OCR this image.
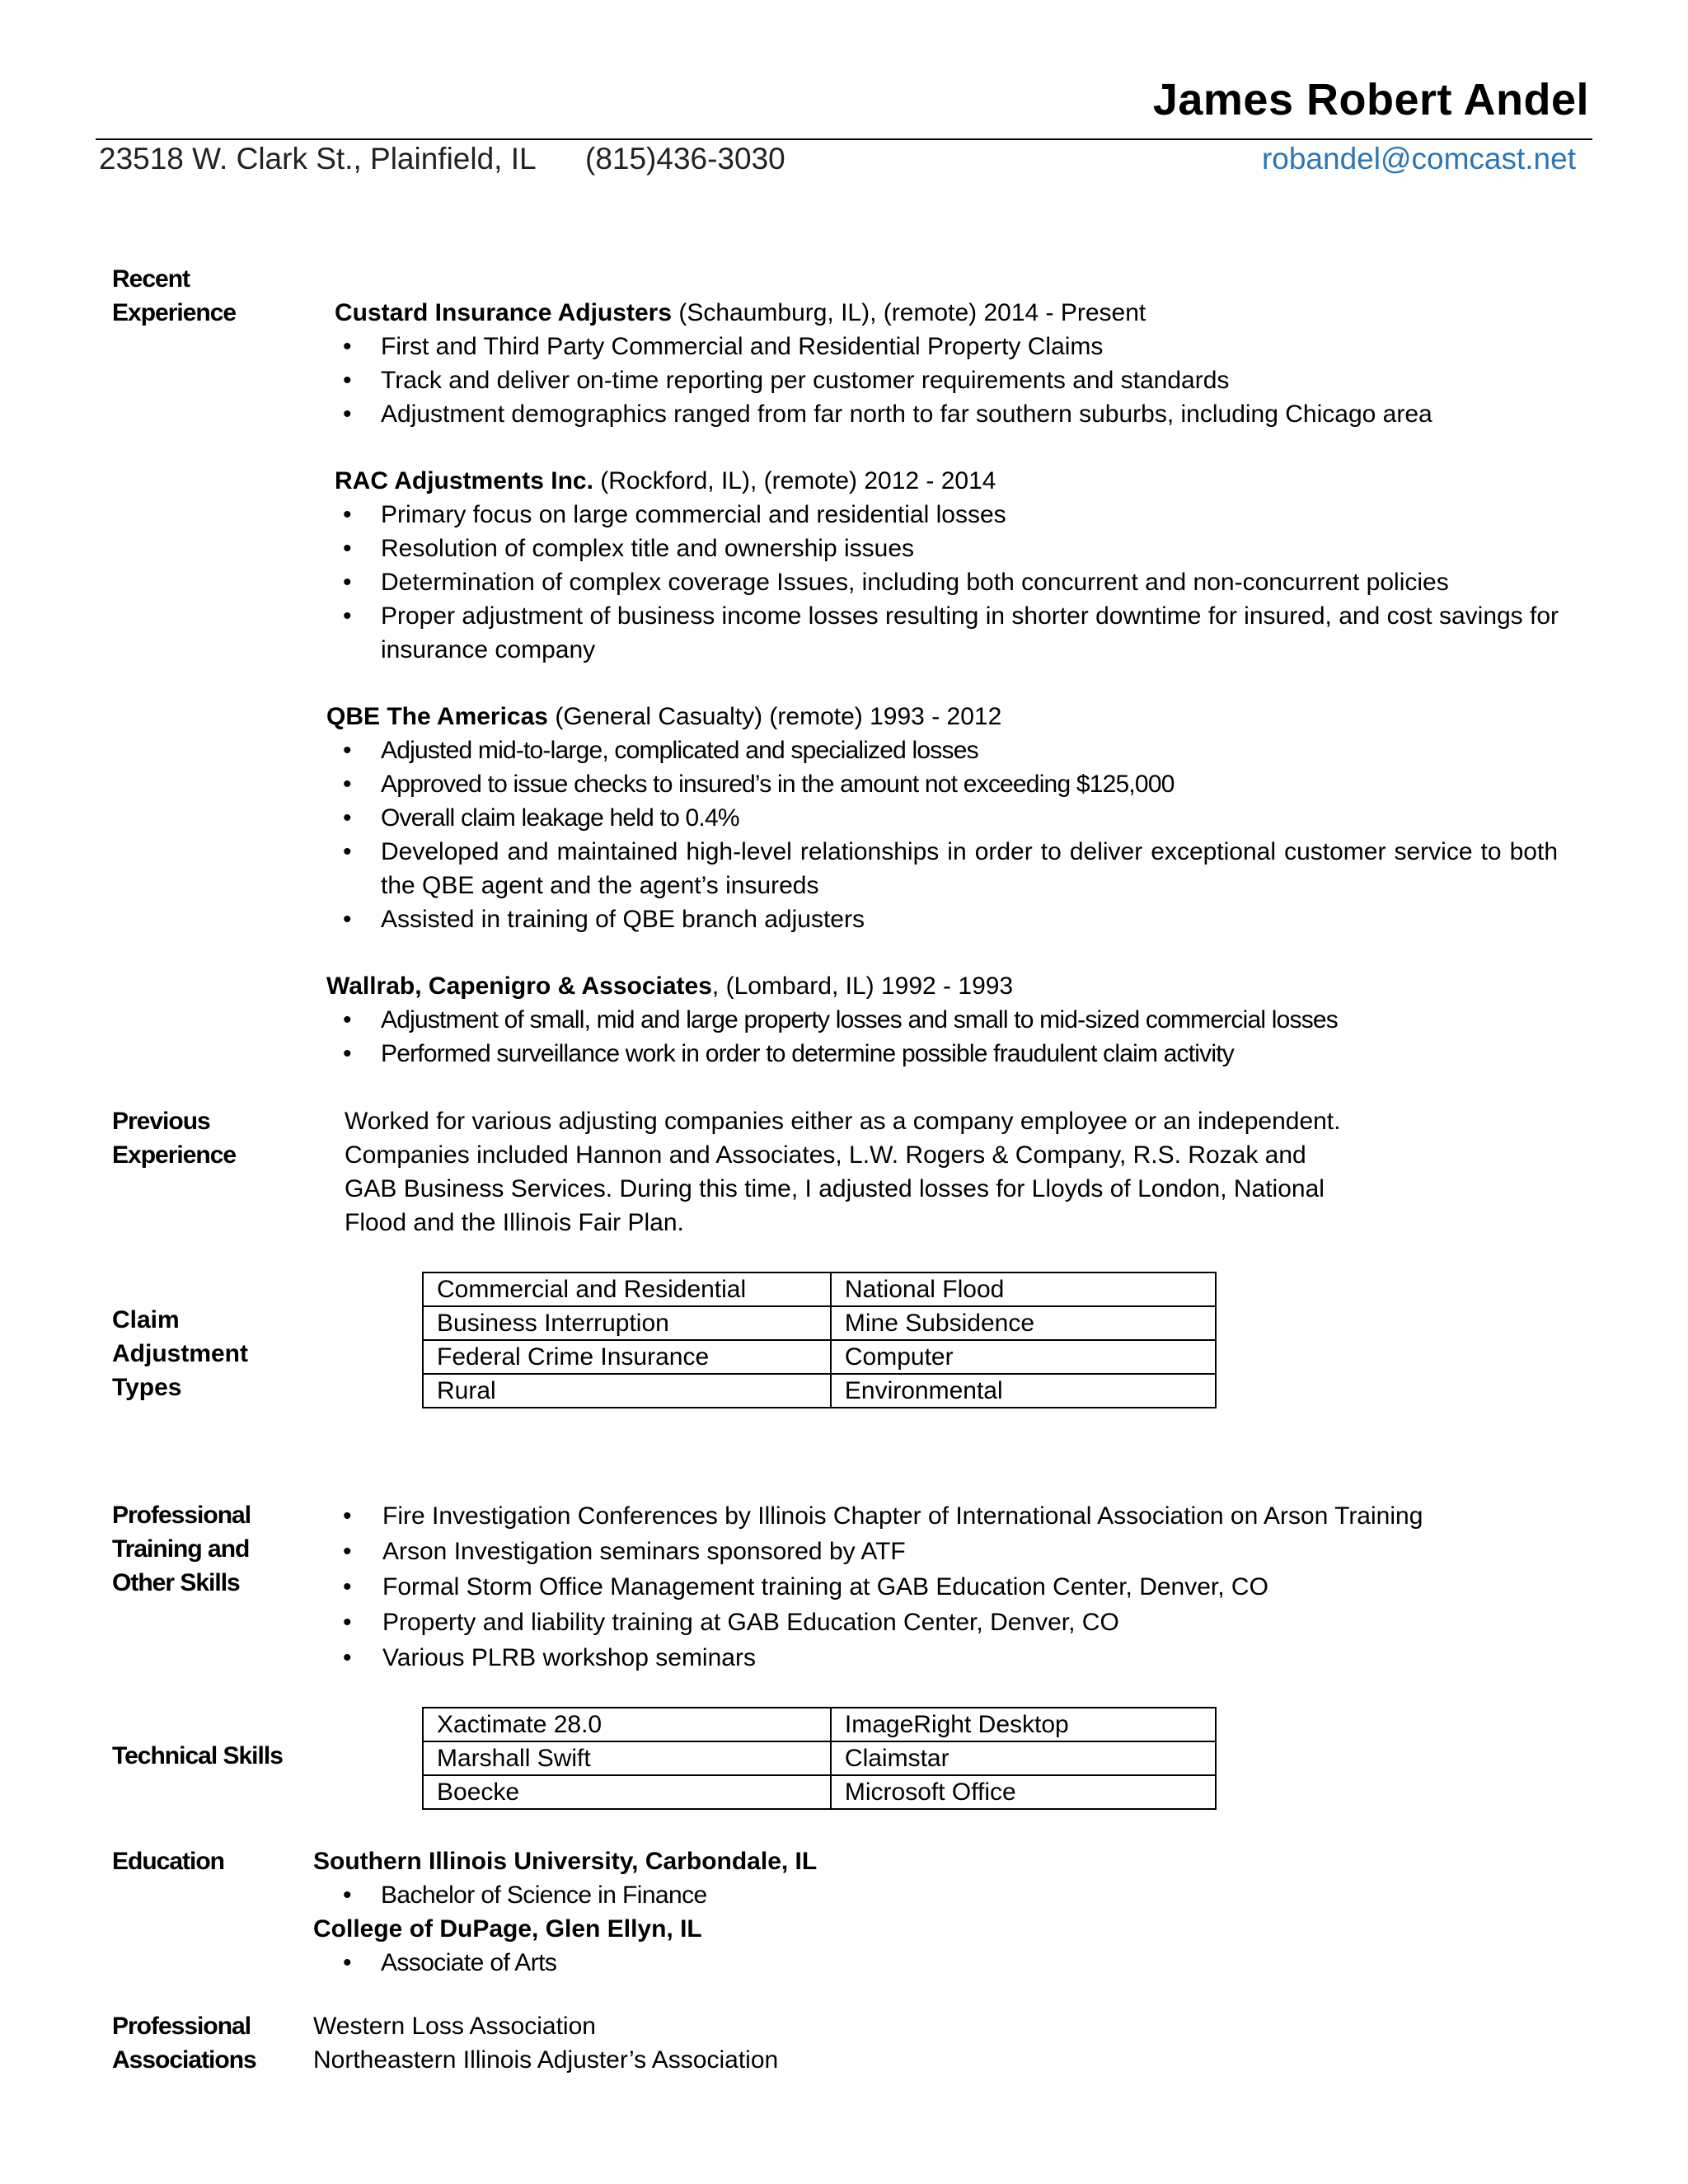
James Robert Andel
23518 W. Clark St., Plainfield, IL (815)436-3030	robandel@comcast.net
Recent
Experience	Custard Insurance Adjusters (Schaumburg, IL), (remote) 2014 - Present
• First and Third Party Commercial and Residential Property Claims
• Track and deliver on-time reporting per customer requirements and standards
• Adjustment demographics ranged from far north to far southern suburbs, including Chicago area
RAC Adjustments Inc. (Rockford, IL), (remote) 2012 - 2014
• Primary focus on large commercial and residential losses
• Resolution of complex title and ownership issues
• Determination of complex coverage Issues, including both concurrent and non-concurrent policies
• Proper adjustment of business income losses resulting in shorter downtime for insured, and cost savings for insurance company
QBE The Americas (General Casualty) (remote) 1993 - 2012
• Adjusted mid-to-large, complicated and specialized losses
• Approved to issue checks to insured’s in the amount not exceeding $125,000
• Overall claim leakage held to 0.4%
• Developed and maintained high-level relationships in order to deliver exceptional customer service to both the QBE agent and the agent’s insureds
• Assisted in training of QBE branch adjusters
Wallrab, Capenigro & Associates, (Lombard, IL) 1992 - 1993
• Adjustment of small, mid and large property losses and small to mid-sized commercial losses
• Performed surveillance work in order to determine possible fraudulent claim activity
Previous
Experience
Worked for various adjusting companies either as a company employee or an independent.
Companies included Hannon and Associates, L.W. Rogers & Company, R.S. Rozak and
GAB Business Services. During this time, I adjusted losses for Lloyds of London, National
Flood and the Illinois Fair Plan.
Claim
Adjustment
Types
Commercial and Residential	National Flood
Business Interruption	Mine Subsidence
Federal Crime Insurance	Computer
Rural	Environmental
Professional
Training and
Other Skills
• Fire Investigation Conferences by Illinois Chapter of International Association on Arson Training
• Arson Investigation seminars sponsored by ATF
• Formal Storm Office Management training at GAB Education Center, Denver, CO
• Property and liability training at GAB Education Center, Denver, CO
• Various PLRB workshop seminars
Technical Skills
Xactimate 28.0	ImageRight Desktop
Marshall Swift	Claimstar
Boecke	Microsoft Office
Education	Southern Illinois University, Carbondale, IL
• Bachelor of Science in Finance
College of DuPage, Glen Ellyn, IL
• Associate of Arts
Professional
Associations
Western Loss Association
Northeastern Illinois Adjuster’s Association
